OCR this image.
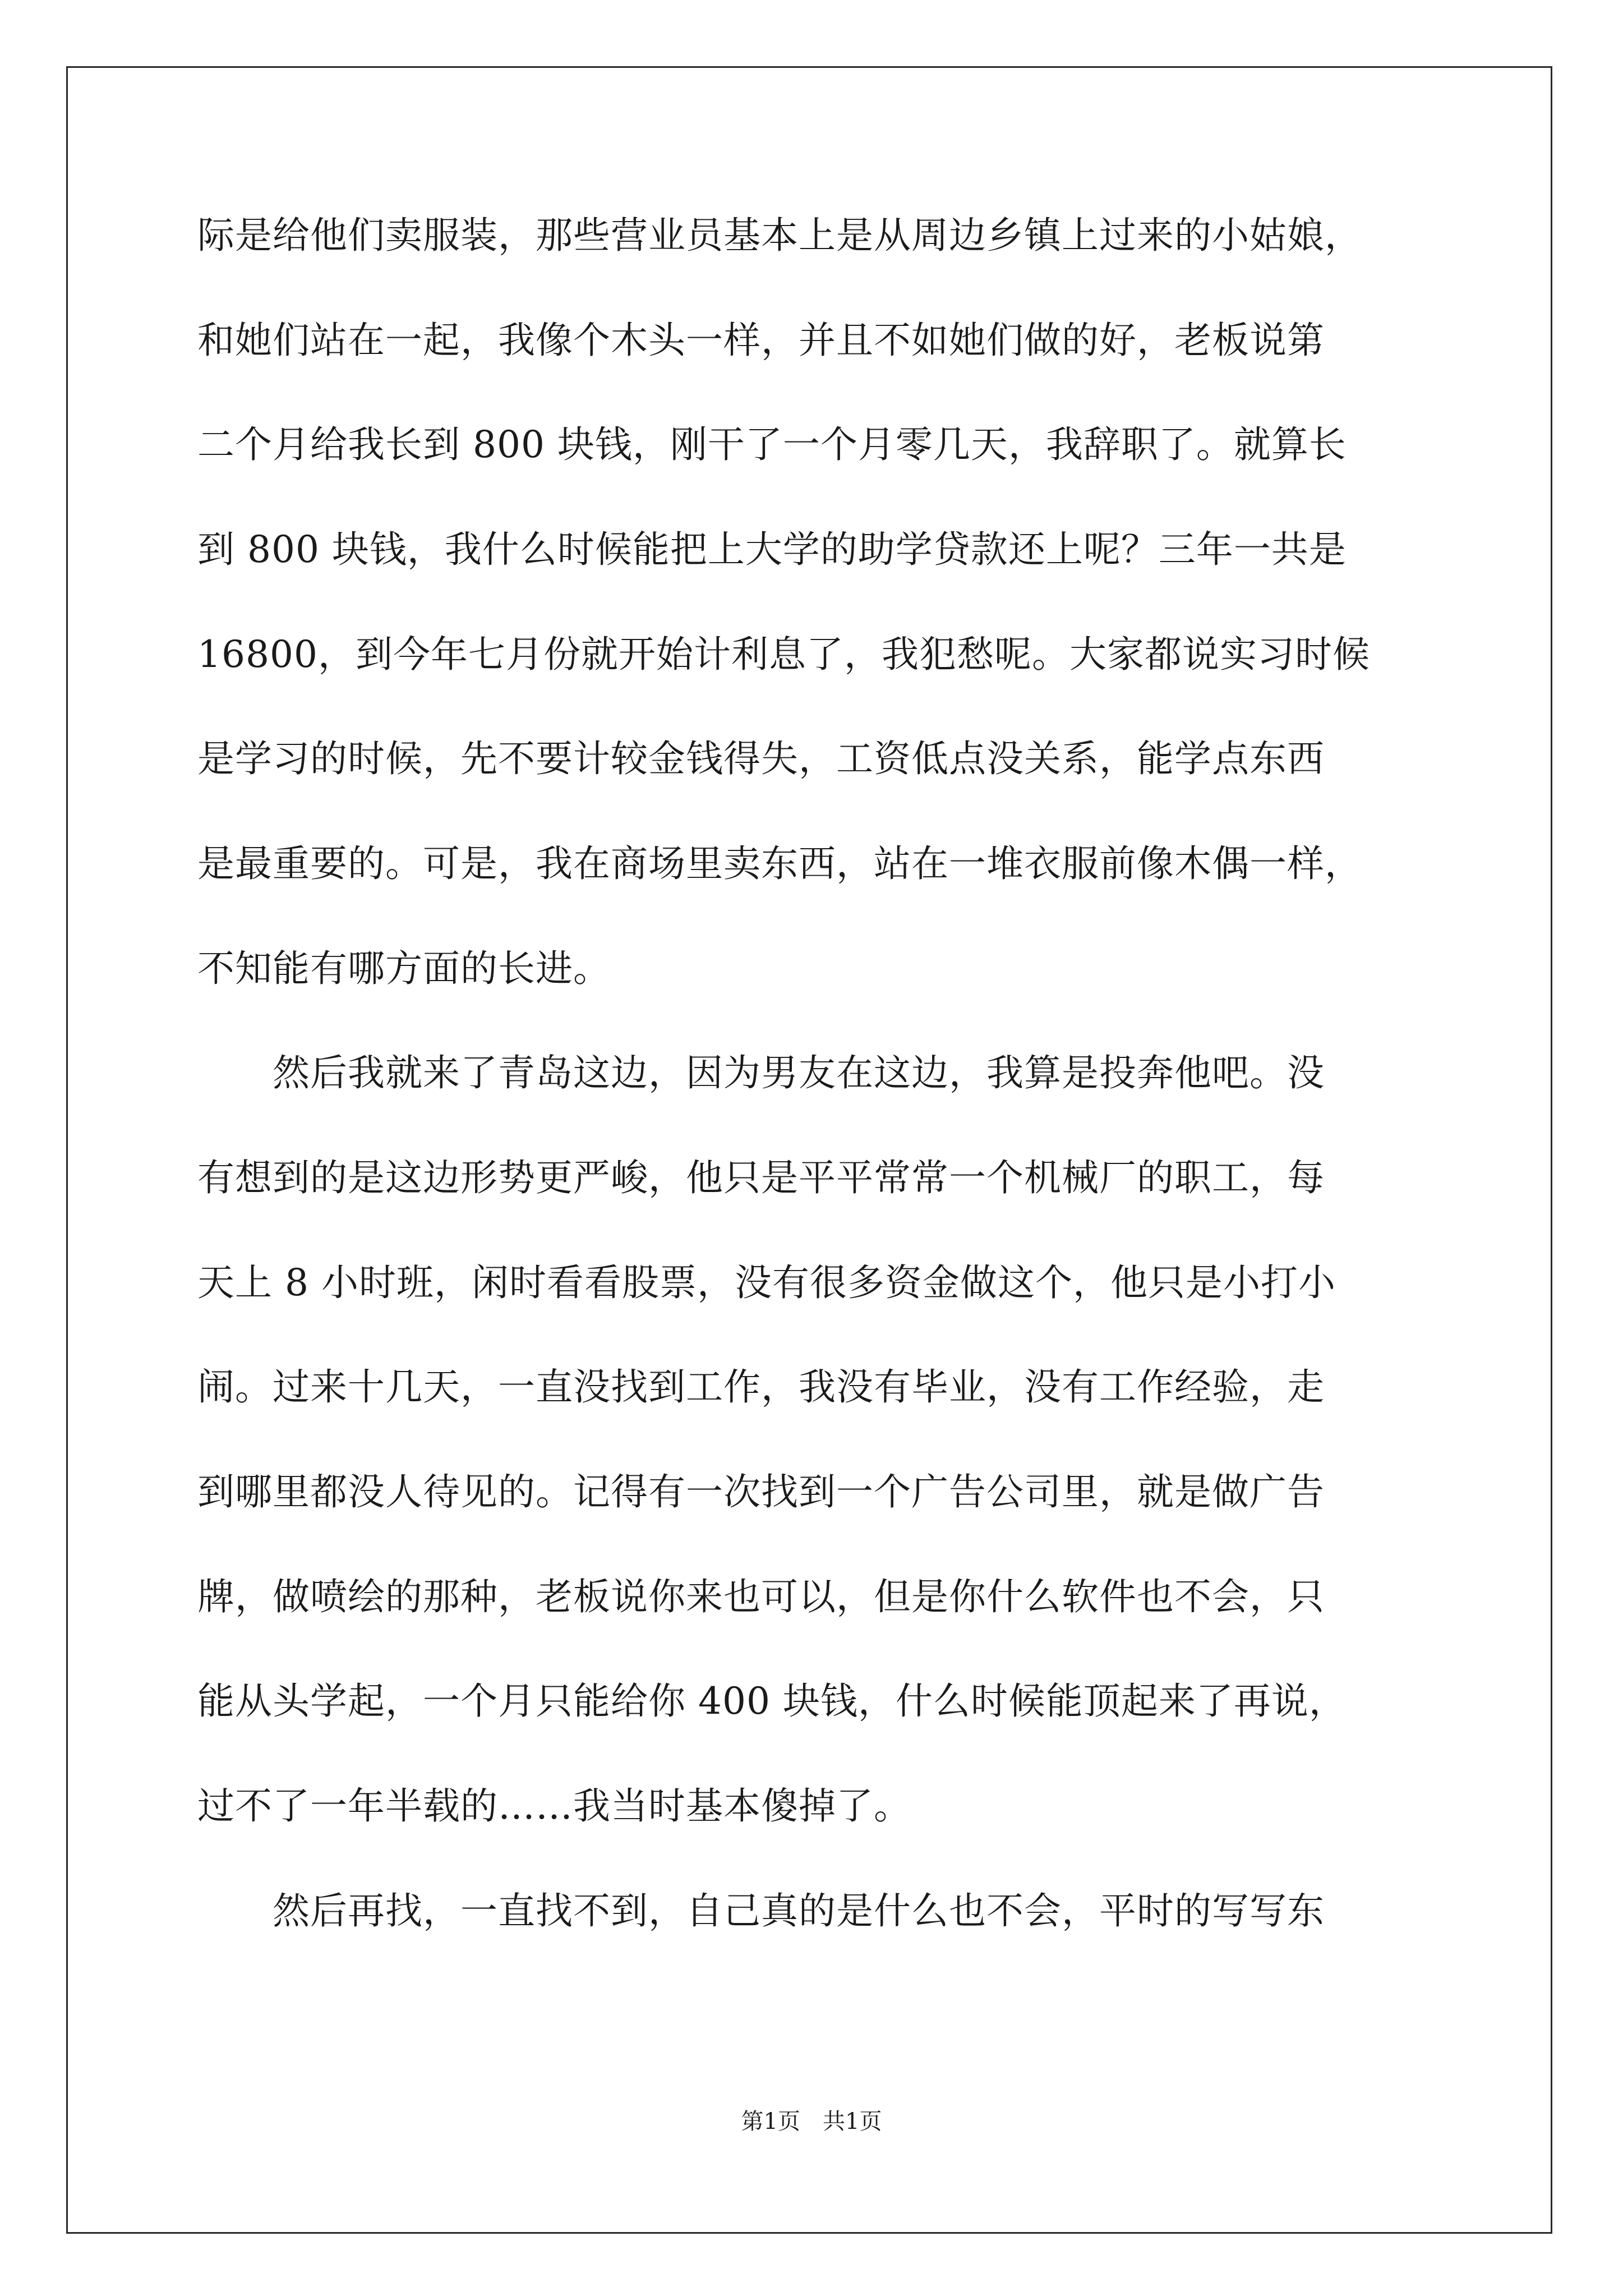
际是给他们卖服装，那些营业员基本上是从周边乡镇上过来的小姑娘，
和她们站在一起，我像个木头一样，并且不如她们做的好，老板说第
二个月给我长到 800 块钱，刚干了一个月零几天，我辞职了。就算长
到 800 块钱，我什么时候能把上大学的助学贷款还上呢？三年一共是
16800，到今年七月份就开始计利息了，我犯愁呢。大家都说实习时候
是学习的时候，先不要计较金钱得失，工资低点没关系，能学点东西
是最重要的。可是，我在商场里卖东西，站在一堆衣服前像木偶一样，
不知能有哪方面的长进。
　　然后我就来了青岛这边，因为男友在这边，我算是投奔他吧。没
有想到的是这边形势更严峻，他只是平平常常一个机械厂的职工，每
天上 8 小时班，闲时看看股票，没有很多资金做这个，他只是小打小
闹。过来十几天，一直没找到工作，我没有毕业，没有工作经验，走
到哪里都没人待见的。记得有一次找到一个广告公司里，就是做广告
牌，做喷绘的那种，老板说你来也可以，但是你什么软件也不会，只
能从头学起，一个月只能给你 400 块钱，什么时候能顶起来了再说，
过不了一年半载的……我当时基本傻掉了。
　　然后再找，一直找不到，自己真的是什么也不会，平时的写写东
第1页　共1页
